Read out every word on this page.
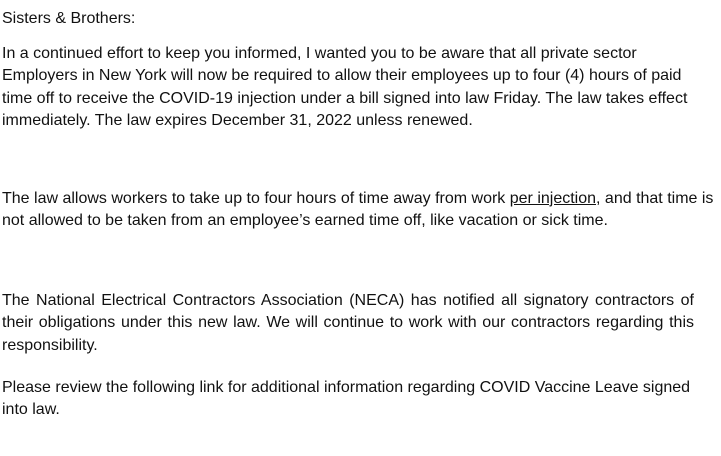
Sisters & Brothers:

In a continued effort to keep you informed, I wanted you to be aware that all private sector Employers in New York will now be required to allow their employees up to four (4) hours of paid time off to receive the COVID-19 injection under a bill signed into law Friday. The law takes effect immediately. The law expires December 31, 2022 unless renewed.

The law allows workers to take up to four hours of time away from work per injection, and that time is not allowed to be taken from an employee’s earned time off, like vacation or sick time.

The National Electrical Contractors Association (NECA) has notified all signatory contractors of their obligations under this new law. We will continue to work with our contractors regarding this responsibility.

Please review the following link for additional information regarding COVID Vaccine Leave signed into law.
